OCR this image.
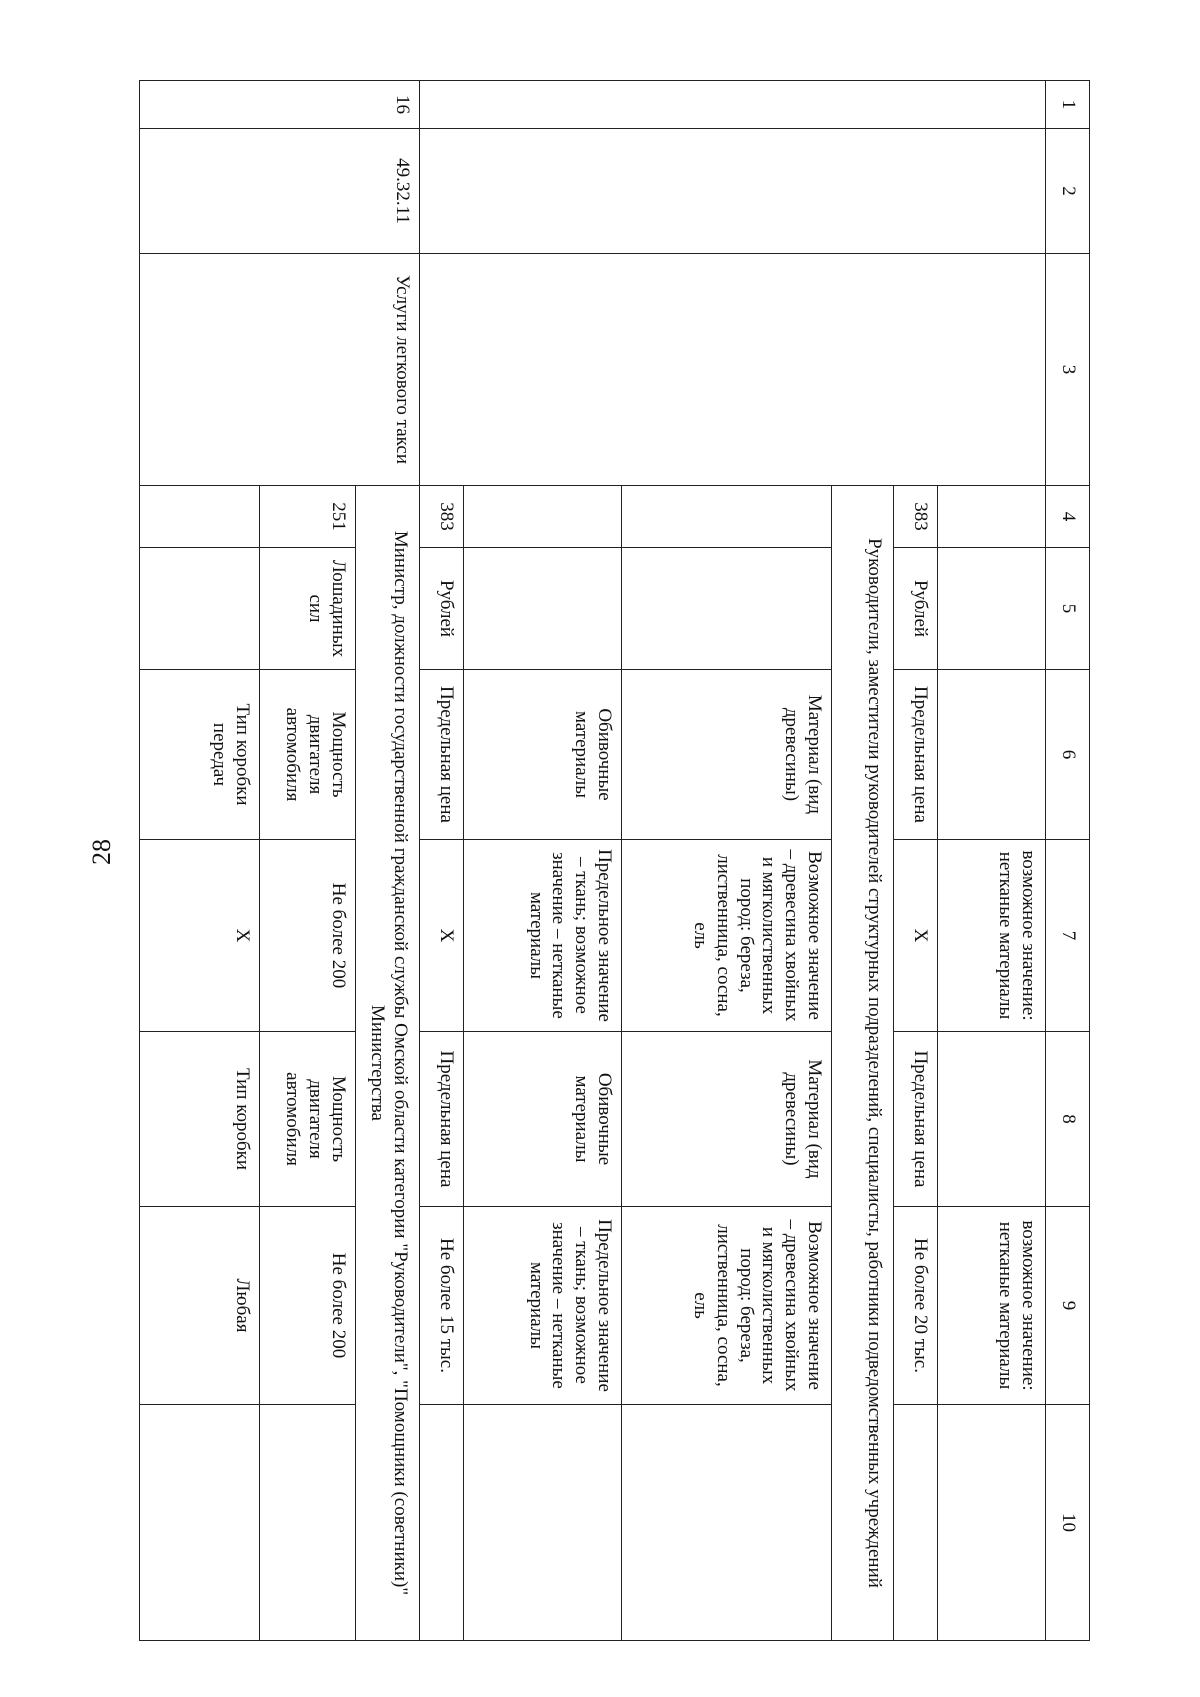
28
1	2	3	4	5	6	7	8	9	10
						возможное значение: нетканые материалы		возможное значение: нетканые материалы	
			383	Рублей	Предельная цена	X	Предельная цена	Не более 20 тыс.	
			Руководители, заместители руководителей структурных подразделений, специалисты, работники подведомственных учреждений						
					Материал (вид древесины)	Возможное значение – древесина хвойных и мягколиственных пород: береза, лиственница, сосна, ель	Материал (вид древесины)	Возможное значение – древесина хвойных и мягколиственных пород: береза, лиственница, сосна, ель	
					Обивочные материалы	Предельное значение – ткань; возможное значение – нетканые материалы	Обивочные материалы	Предельное значение – ткань; возможное значение – нетканые материалы	
			383	Рублей	Предельная цена	X	Предельная цена	Не более 15 тыс.	
16	49.32.11	Услуги легкового такси	Министр, должности государственной гражданской службы Омской области категории "Руководители", "Помощники (советники)" Министерства						
			251	Лошадиных сил	Мощность двигателя автомобиля	Не более 200	Мощность двигателя автомобиля	Не более 200	
					Тип коробки передач	X	Тип коробки	Любая	
